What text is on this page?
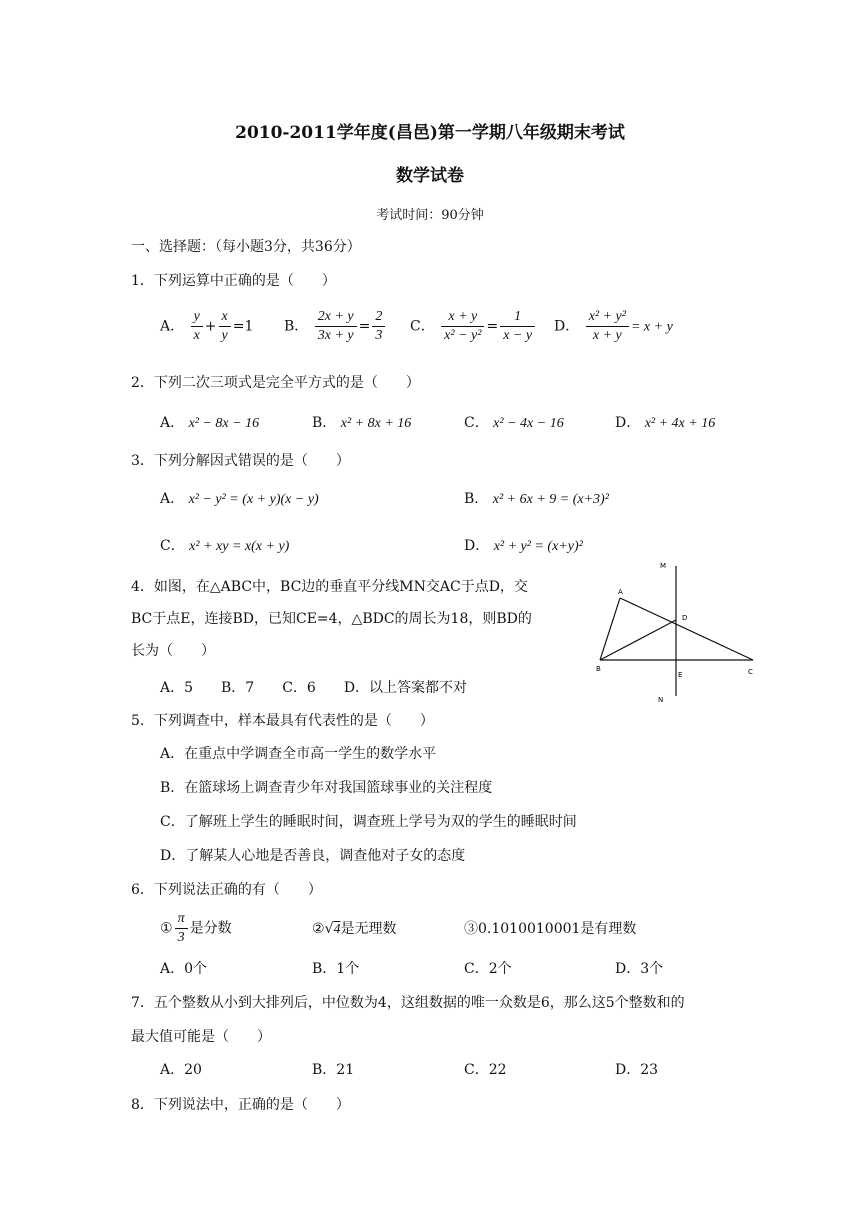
2010-2011学年度(昌邑)第一学期八年级期末考试
数学试卷
考试时间：90分钟
一、选择题：（每小题3分，共36分）
1．下列运算中正确的是（　　）
A． $\frac{y}{x} + \frac{x}{y} =1$ B． $\frac{2x + y}{3x + y} = \frac{2}{3}$ C． $\frac{x + y}{\text{x² − y²}} = \frac{1}{x - y}$ D． $\frac{\text{x² + y²}}{x + y} = x + y$
2．下列二次三项式是完全平方式的是（　　）
A． x² − 8x − 16	B． x² + 8x + 16	C． x² − 4x − 16	D． x² + 4x + 16
3．下列分解因式错误的是（　　）
A． x² − y² = (x + y)(x − y)	B． x² + 6x + 9 = (x+3)²
C． x² + xy = x(x + y)	D． x² + y² = (x+y)²
4．如图，在△ABC中，BC边的垂直平分线MN交AC于点D，交
BC于点E，连接BD，已知CE=4，△BDC的周长为18，则BD的
长为（　　）
A．5　　B．7　　C．6　　D．以上答案都不对
M
A
D
B
E	C
N
5．下列调查中，样本最具有代表性的是（　　）
A．在重点中学调查全市高一学生的数学水平
B．在篮球场上调查青少年对我国篮球事业的关注程度
C．了解班上学生的睡眠时间，调查班上学号为双的学生的睡眠时间
D．了解某人心地是否善良，调查他对子女的态度
6．下列说法正确的有（　　）
① $\frac{\pi}{3}$ 是分数	②√4是无理数	③0.1010010001是有理数
A．0个	B．1个	C．2个	D．3个
7．五个整数从小到大排列后，中位数为4，这组数据的唯一众数是6，那么这5个整数和的
最大值可能是（　　）
A．20	B．21	C．22	D．23
8．下列说法中，正确的是（　　）
